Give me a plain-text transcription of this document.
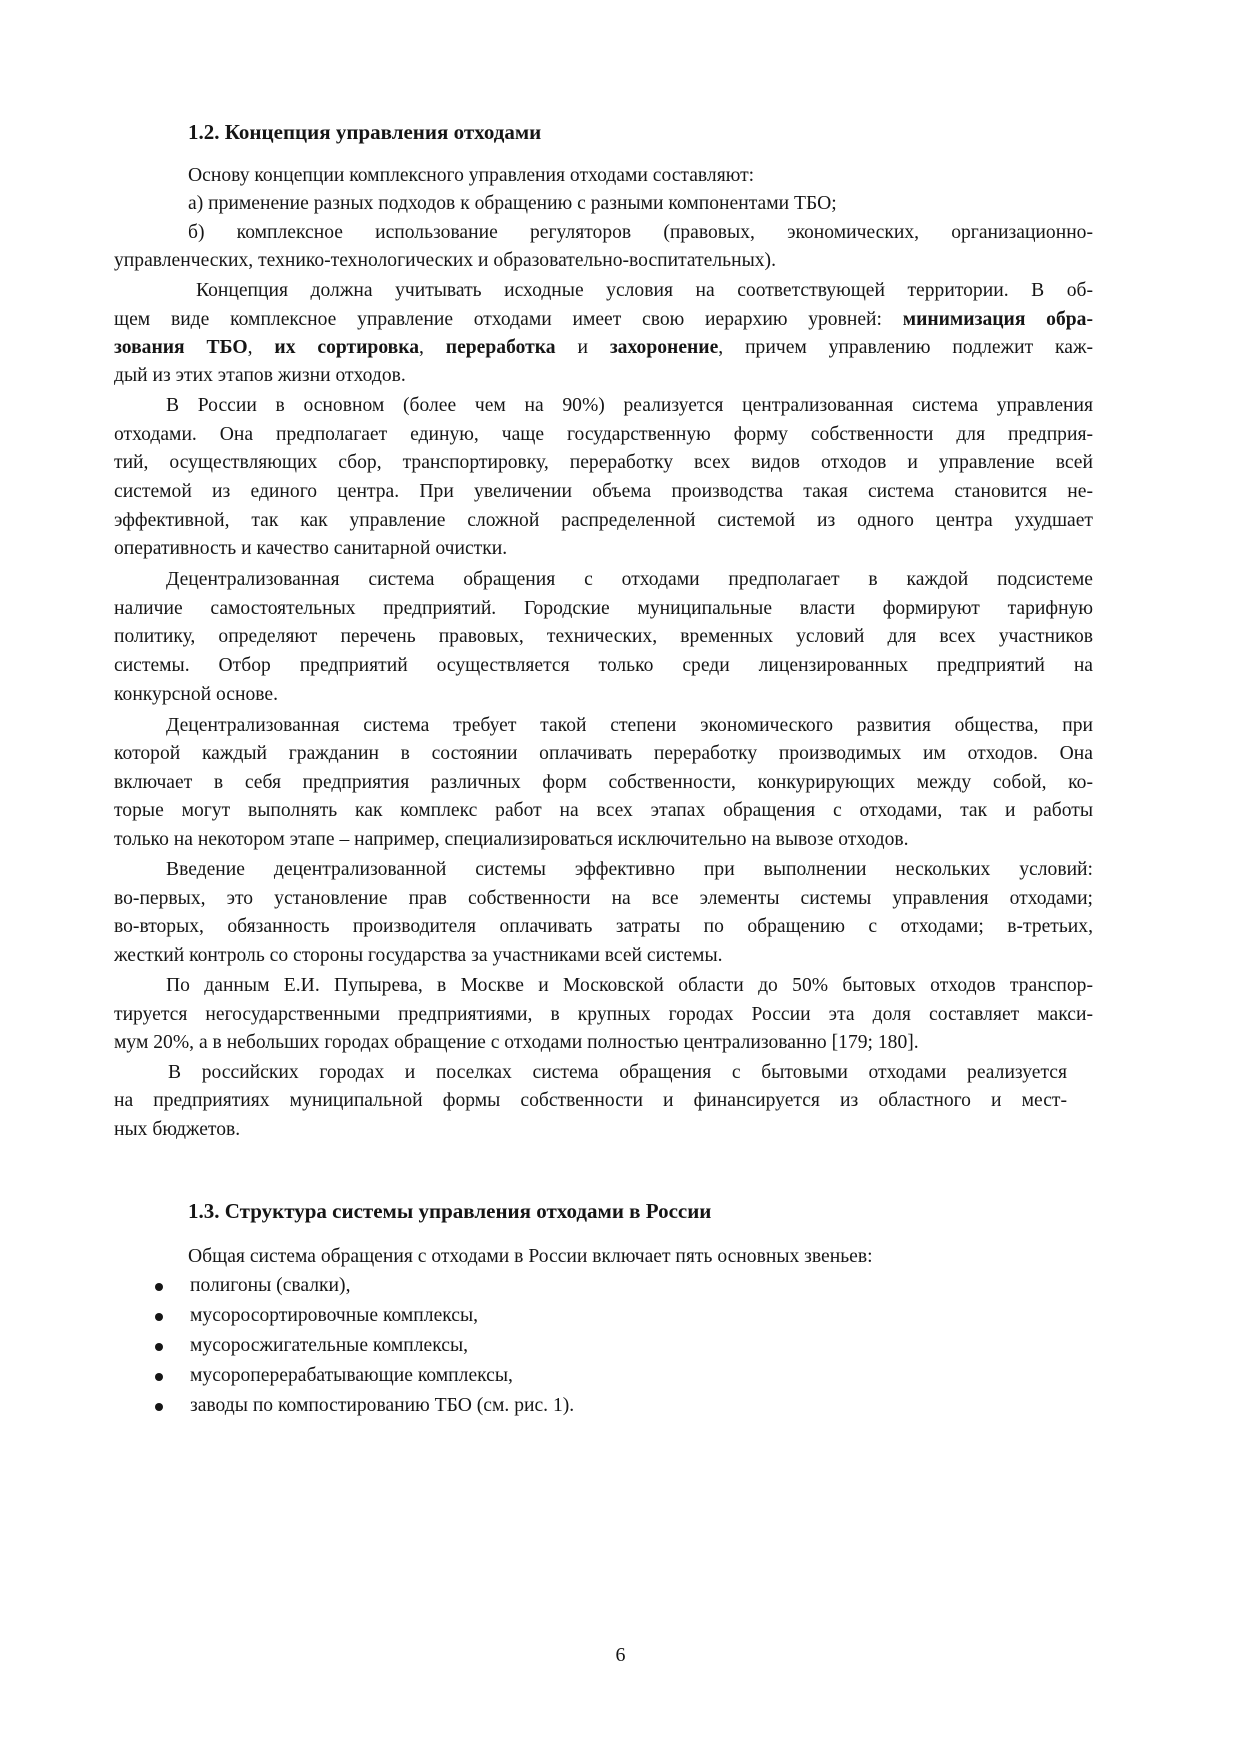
1.2. Концепция управления отходами

Основу концепции комплексного управления отходами составляют:

а) применение разных подходов к обращению с разными компонентами ТБО;

б) комплексное использование регуляторов (правовых, экономических, организационно-

управленческих, технико-технологических и образовательно-воспитательных).

Концепция должна учитывать исходные условия на соответствующей территории. В об-

щем виде комплексное управление отходами имеет свою иерархию уровней: минимизация обра-

зования ТБО, их сортировка, переработка и захоронение, причем управлению подлежит каж-

дый из этих этапов жизни отходов.

В России в основном (более чем на 90%) реализуется централизованная система управления

отходами. Она предполагает единую, чаще государственную форму собственности для предприя-

тий, осуществляющих сбор, транспортировку, переработку всех видов отходов и управление всей

системой из единого центра. При увеличении объема производства такая система становится не-

эффективной, так как управление сложной распределенной системой из одного центра ухудшает

оперативность и качество санитарной очистки.

Децентрализованная система обращения с отходами предполагает в каждой подсистеме

наличие самостоятельных предприятий. Городские муниципальные власти формируют тарифную

политику, определяют перечень правовых, технических, временных условий для всех участников

системы. Отбор предприятий осуществляется только среди лицензированных предприятий на

конкурсной основе.

Децентрализованная система требует такой степени экономического развития общества, при

которой каждый гражданин в состоянии оплачивать переработку производимых им отходов. Она

включает в себя предприятия различных форм собственности, конкурирующих между собой, ко-

торые могут выполнять как комплекс работ на всех этапах обращения с отходами, так и работы

только на некотором этапе – например, специализироваться исключительно на вывозе отходов.

Введение децентрализованной системы эффективно при выполнении нескольких условий:

во-первых, это установление прав собственности на все элементы системы управления отходами;

во-вторых, обязанность производителя оплачивать затраты по обращению с отходами; в-третьих,

жесткий контроль со стороны государства за участниками всей системы.

По данным Е.И. Пупырева, в Москве и Московской области до 50% бытовых отходов транспор-

тируется негосударственными предприятиями, в крупных городах России эта доля составляет макси-

мум 20%, а в небольших городах обращение с отходами полностью централизованно [179; 180].

В российских городах и поселках система обращения с бытовыми отходами реализуется

на предприятиях муниципальной формы собственности и финансируется из областного и мест-

ных бюджетов.

1.3. Структура системы управления отходами в России

Общая система обращения с отходами в России включает пять основных звеньев:

полигоны (свалки),

мусоросортировочные комплексы,

мусоросжигательные комплексы,

мусороперерабатывающие комплексы,

заводы по компостированию ТБО (см. рис. 1).

6
